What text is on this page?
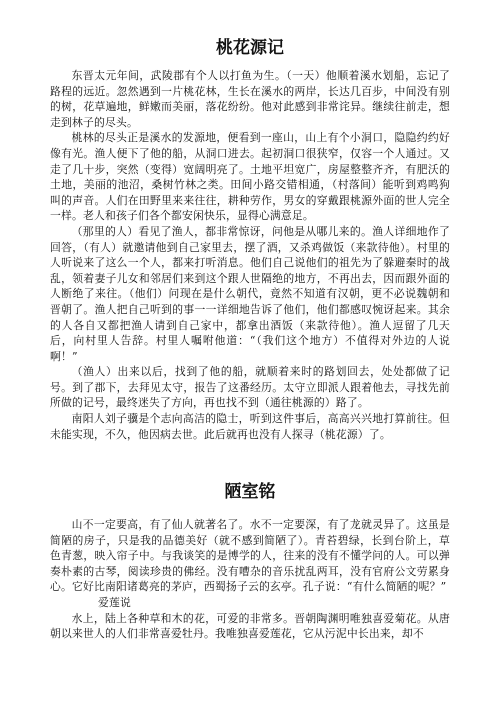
桃花源记

东晋太元年间，武陵郡有个人以打鱼为生。（一天）他顺着溪水划船，忘记了路程的远近。忽然遇到一片桃花林，生长在溪水的两岸，长达几百步，中间没有别的树，花草遍地，鲜嫩而美丽，落花纷纷。他对此感到非常诧异。继续往前走，想走到林子的尽头。

桃林的尽头正是溪水的发源地，便看到一座山，山上有个小洞口，隐隐约约好像有光。渔人便下了他的船，从洞口进去。起初洞口很狭窄，仅容一个人通过。又走了几十步，突然（变得）宽阔明亮了。土地平坦宽广，房屋整整齐齐，有肥沃的土地，美丽的池沼，桑树竹林之类。田间小路交错相通，（村落间）能听到鸡鸣狗叫的声音。人们在田野里来来往往，耕种劳作，男女的穿戴跟桃源外面的世人完全一样。老人和孩子们各个都安闲快乐，显得心满意足。

（那里的人）看见了渔人，都非常惊讶，问他是从哪儿来的。渔人详细地作了回答，（有人）就邀请他到自己家里去，摆了酒，又杀鸡做饭（来款待他）。村里的人听说来了这么一个人，都来打听消息。他们自己说他们的祖先为了躲避秦时的战乱，领着妻子儿女和邻居们来到这个跟人世隔绝的地方，不再出去，因而跟外面的人断绝了来往。（他们）问现在是什么朝代，竟然不知道有汉朝，更不必说魏朝和晋朝了。渔人把自己听到的事一一详细地告诉了他们，他们都感叹惋讶起来。其余的人各自又都把渔人请到自己家中，都拿出酒饭（来款待他）。渔人逗留了几天后，向村里人告辞。村里人嘱咐他道：“（我们这个地方）不值得对外边的人说啊！”

（渔人）出来以后，找到了他的船，就顺着来时的路划回去，处处都做了记号。到了郡下，去拜见太守，报告了这番经历。太守立即派人跟着他去，寻找先前所做的记号，最终迷失了方向，再也找不到（通往桃源的）路了。

南阳人刘子骥是个志向高洁的隐士，听到这件事后，高高兴兴地打算前往。但未能实现，不久，他因病去世。此后就再也没有人探寻（桃花源）了。

陋室铭

山不一定要高，有了仙人就著名了。水不一定要深，有了龙就灵异了。这虽是简陋的房子，只是我的品德美好（就不感到简陋了）。青苔碧绿，长到台阶上，草色青葱，映入帘子中。与我谈笑的是博学的人，往来的没有不懂学问的人。可以弹奏朴素的古琴，阅读珍贵的佛经。没有嘈杂的音乐扰乱两耳，没有官府公文劳累身心。它好比南阳诸葛亮的茅庐，西蜀扬子云的玄亭。孔子说：“有什么简陋的呢？”

爱莲说

水上，陆上各种草和木的花，可爱的非常多。晋朝陶渊明唯独喜爱菊花。从唐朝以来世人的人们非常喜爱牡丹。我唯独喜爱莲花，它从污泥中长出来，却不
